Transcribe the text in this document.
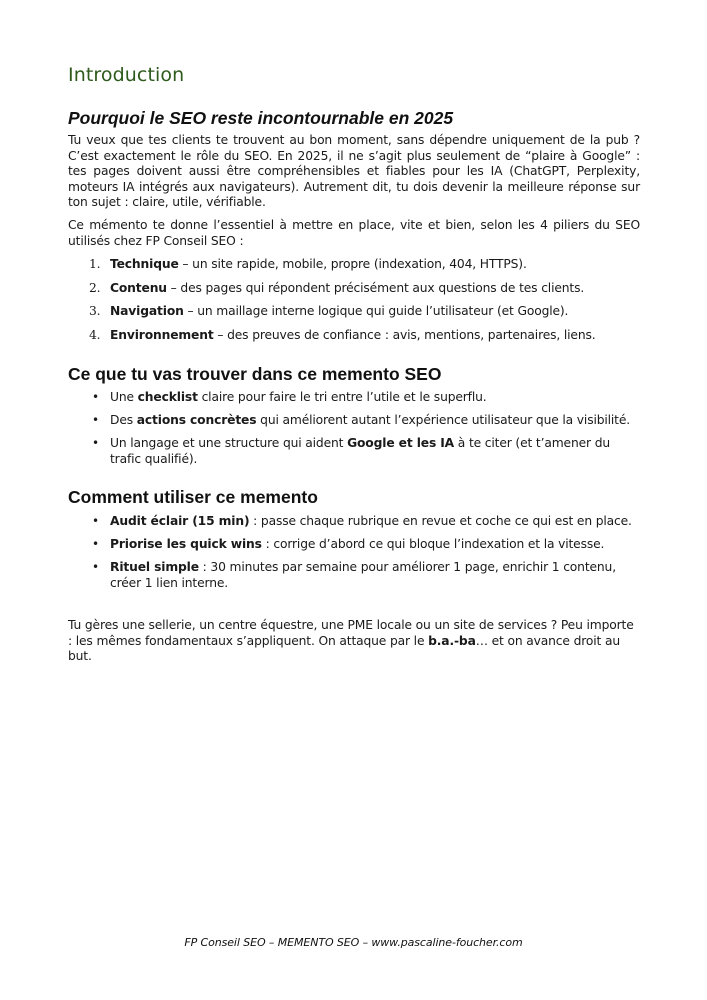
Introduction
Pourquoi le SEO reste incontournable en 2025

Tu veux que tes clients te trouvent au bon moment, sans dépendre uniquement de la pub ? C’est exactement le rôle du SEO. En 2025, il ne s’agit plus seulement de “plaire à Google” : tes pages doivent aussi être compréhensibles et fiables pour les IA (ChatGPT, Perplexity, moteurs IA intégrés aux navigateurs). Autrement dit, tu dois devenir la meilleure réponse sur ton sujet : claire, utile, vérifiable.

Ce mémento te donne l’essentiel à mettre en place, vite et bien, selon les 4 piliers du SEO utilisés chez FP Conseil SEO :

1. Technique – un site rapide, mobile, propre (indexation, 404, HTTPS).
2. Contenu – des pages qui répondent précisément aux questions de tes clients.
3. Navigation – un maillage interne logique qui guide l’utilisateur (et Google).
4. Environnement – des preuves de confiance : avis, mentions, partenaires, liens.
Ce que tu vas trouver dans ce memento SEO
• Une checklist claire pour faire le tri entre l’utile et le superflu.
• Des actions concrètes qui améliorent autant l’expérience utilisateur que la visibilité.
• Un langage et une structure qui aident Google et les IA à te citer (et t’amener du trafic qualifié).
Comment utiliser ce memento
• Audit éclair (15 min) : passe chaque rubrique en revue et coche ce qui est en place.
• Priorise les quick wins : corrige d’abord ce qui bloque l’indexation et la vitesse.
• Rituel simple : 30 minutes par semaine pour améliorer 1 page, enrichir 1 contenu, créer 1 lien interne.

Tu gères une sellerie, un centre équestre, une PME locale ou un site de services ? Peu importe : les mêmes fondamentaux s’appliquent. On attaque par le b.a.-ba… et on avance droit au but.

FP Conseil SEO – MEMENTO SEO – www.pascaline-foucher.com
